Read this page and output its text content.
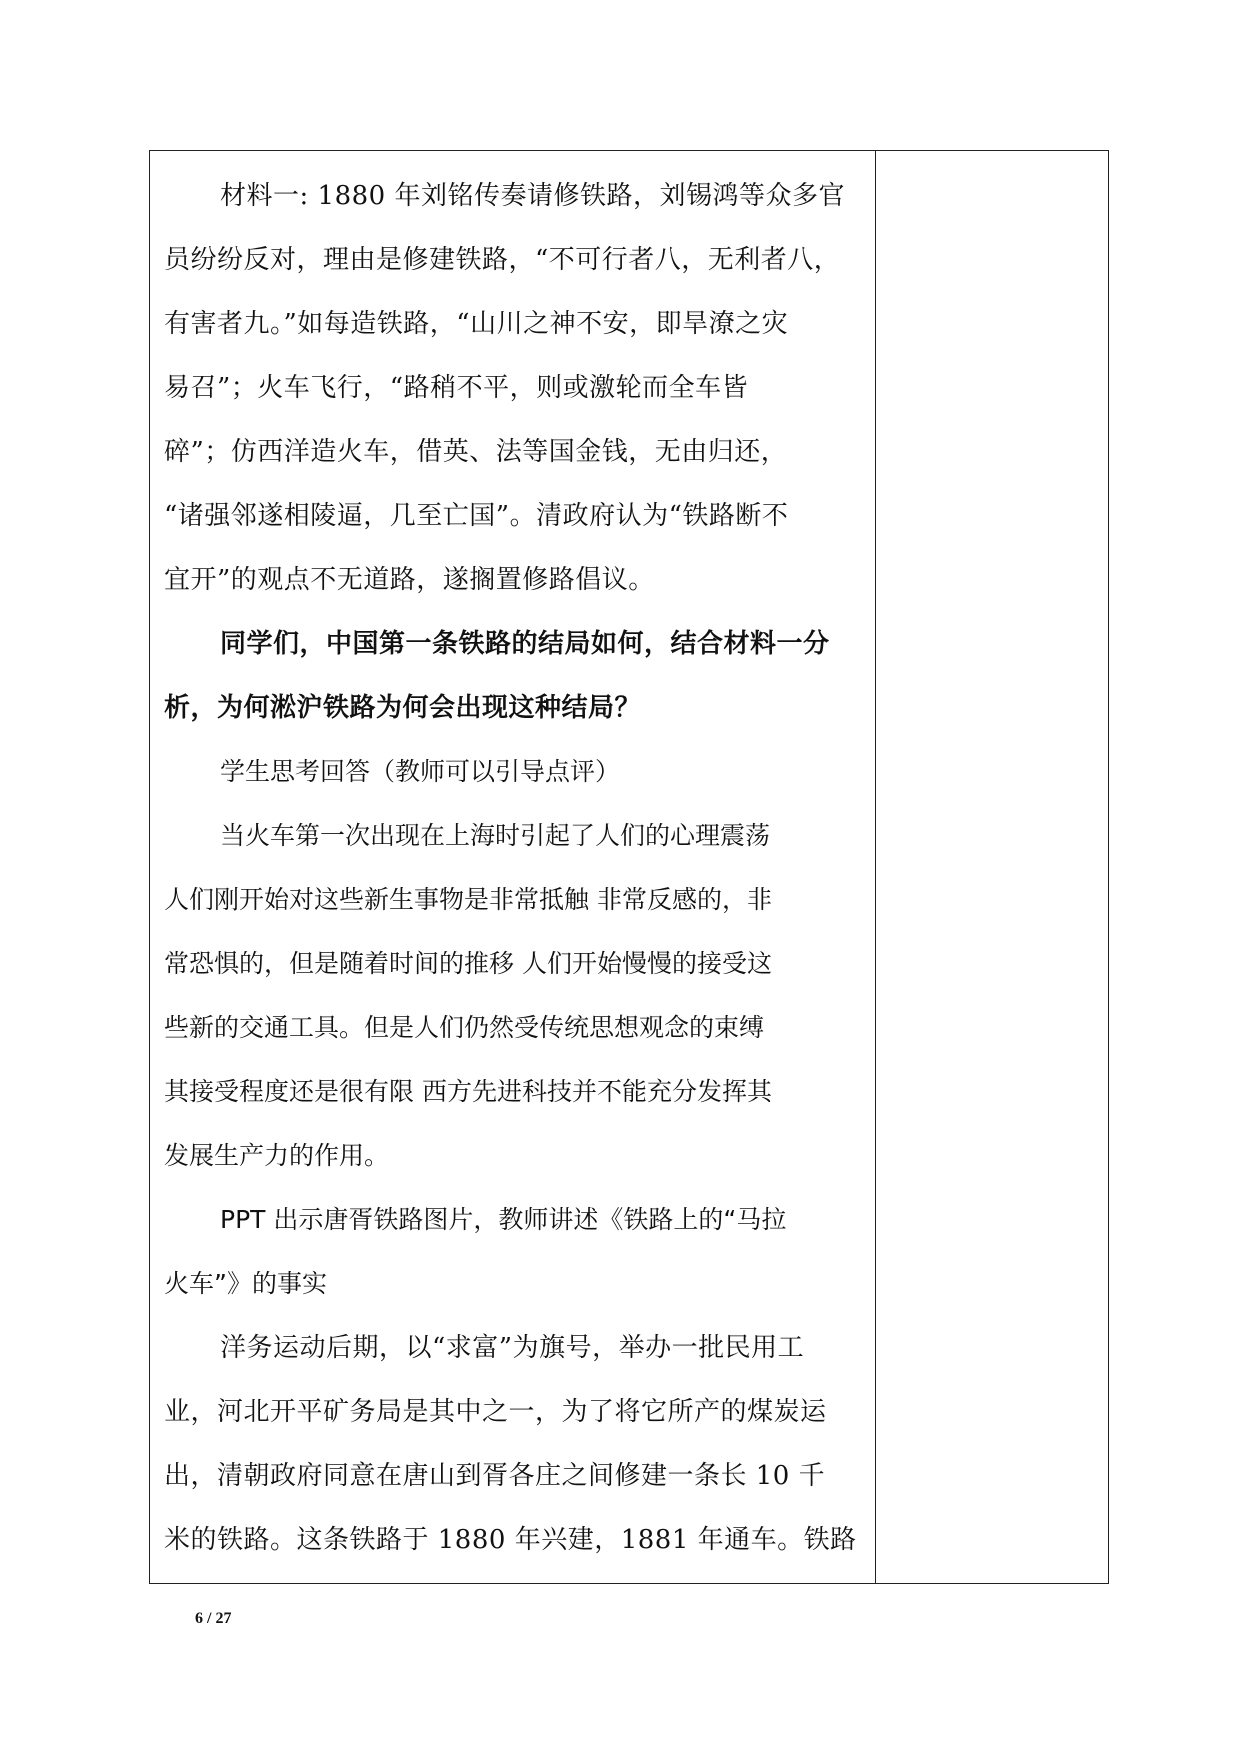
材料一: 1880 年刘铭传奏请修铁路，刘锡鸿等众多官
员纷纷反对，理由是修建铁路，“不可行者八，无利者八，
有害者九。”如每造铁路，“山川之神不安，即旱潦之灾
易召”；火车飞行，“路稍不平，则或激轮而全车皆
碎”；仿西洋造火车，借英、法等国金钱，无由归还，
“诸强邻遂相陵逼，几至亡国”。清政府认为“铁路断不
宜开”的观点不无道路，遂搁置修路倡议。
同学们，中国第一条铁路的结局如何，结合材料一分
析，为何淞沪铁路为何会出现这种结局？
学生思考回答（教师可以引导点评）
当火车第一次出现在上海时引起了人们的心理震荡
人们刚开始对这些新生事物是非常抵触 非常反感的，非
常恐惧的，但是随着时间的推移 人们开始慢慢的接受这
些新的交通工具。但是人们仍然受传统思想观念的束缚
其接受程度还是很有限 西方先进科技并不能充分发挥其
发展生产力的作用。
PPT 出示唐胥铁路图片，教师讲述《铁路上的“马拉
火车”》的事实
洋务运动后期，以“求富”为旗号，举办一批民用工
业，河北开平矿务局是其中之一，为了将它所产的煤炭运
出，清朝政府同意在唐山到胥各庄之间修建一条长 10 千
米的铁路。这条铁路于 1880 年兴建，1881 年通车。铁路
6 / 27
